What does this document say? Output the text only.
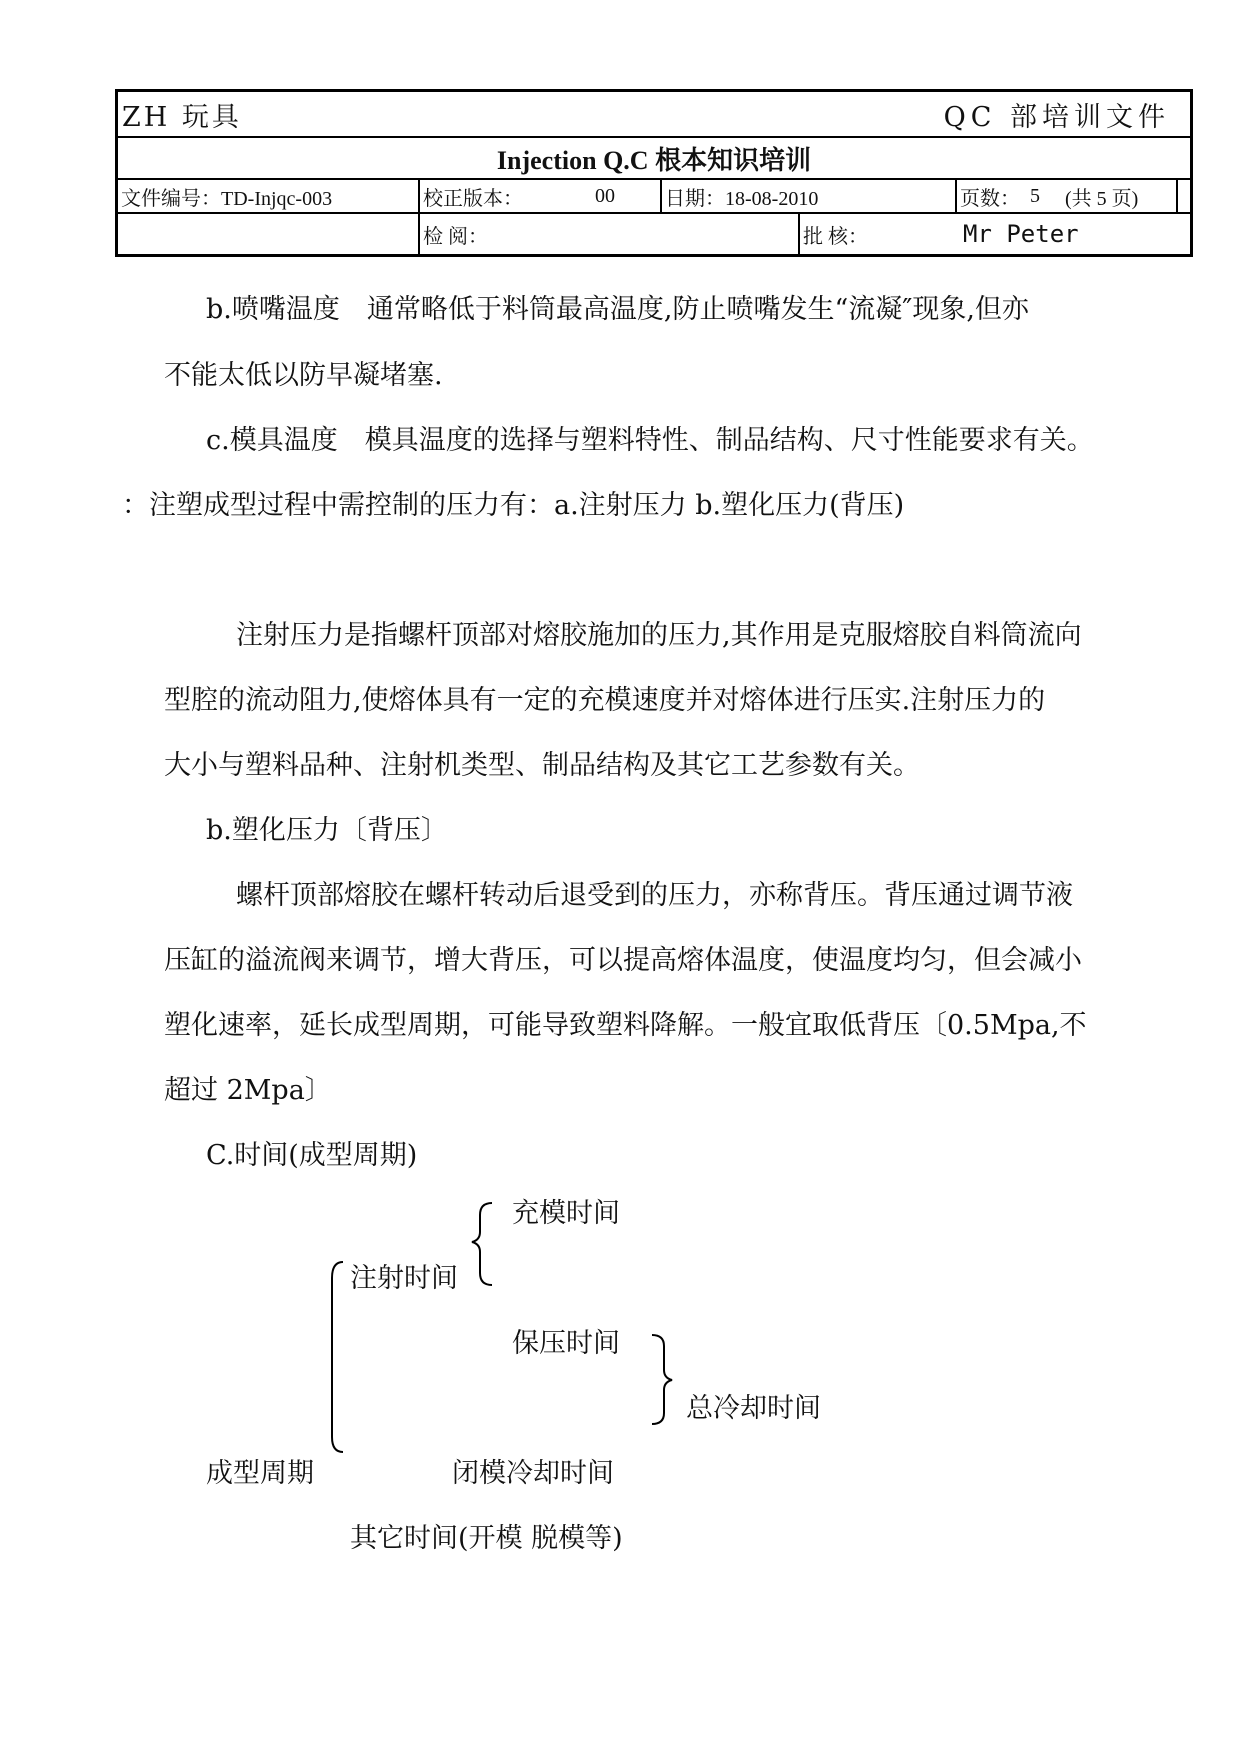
ZH 玩具	QC 部培训文件
Injection Q.C 根本知识培训
文件编号：TD-Injqc-003	校正版本：	00	日期：18-08-2010	页数： 5 (共 5 页)
检 阅：	批 核：	Mr Peter
b.喷嘴温度　通常略低于料筒最高温度,防止喷嘴发生“流凝″现象,但亦
不能太低以防早凝堵塞.
c.模具温度　模具温度的选择与塑料特性、制品结构、尺寸性能要求有关。
：注塑成型过程中需控制的压力有：a.注射压力 b.塑化压力(背压)
注射压力是指螺杆顶部对熔胶施加的压力,其作用是克服熔胶自料筒流向
型腔的流动阻力,使熔体具有一定的充模速度并对熔体进行压实.注射压力的
大小与塑料品种、注射机类型、制品结构及其它工艺参数有关。
b.塑化压力〔背压〕
螺杆顶部熔胶在螺杆转动后退受到的压力，亦称背压。背压通过调节液
压缸的溢流阀来调节，增大背压，可以提高熔体温度，使温度均匀，但会减小
塑化速率，延长成型周期，可能导致塑料降解。一般宜取低背压〔0.5Mpa,不
超过 2Mpa〕
C.时间(成型周期)
充模时间
注射时间
保压时间
总冷却时间
成型周期	闭模冷却时间
其它时间(开模 脱模等)
